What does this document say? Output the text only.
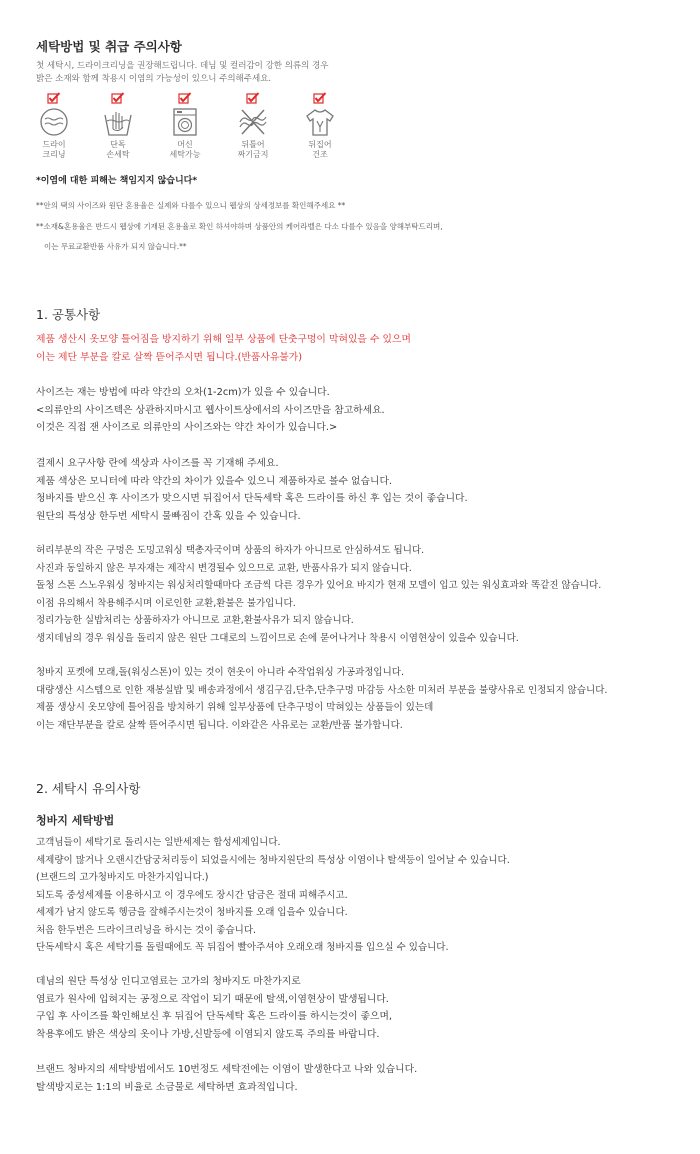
세탁방법 및 취급 주의사항
첫 세탁시, 드라이크리닝을 권장해드립니다. 데님 및 컬러감이 강한 의류의 경우
밝은 소재와 함께 착용시 이염의 가능성이 있으니 주의해주세요.
드라이
크리닝
단독
손세탁
머신
세탁가능
뒤틀어
짜기금지
뒤집어
건조
*이염에 대한 피해는 책임지지 않습니다*
**안의 택의 사이즈와 원단 혼용율은 실제와 다를수 있으니 웹상의 상세정보를 확인해주세요 **
**소재&혼용율은 반드시 웹상에 기재된 혼용율로 확인 하셔야하며 상품안의 케어라벨은 다소 다를수 있음을 양해부탁드리며,
이는 무료교환반품 사유가 되지 않습니다.**
1. 공통사항
제품 생산시 옷모양 틀어짐을 방지하기 위해 일부 상품에 단춧구멍이 막혀있을 수 있으며
이는 제단 부분을 칼로 살짝 뜯어주시면 됩니다.(반품사유불가)
사이즈는 재는 방법에 따라 약간의 오차(1-2cm)가 있을 수 있습니다.
<의류안의 사이즈텍은 상관하지마시고 웹사이트상에서의 사이즈만을 참고하세요.
이것은 직접 잰 사이즈로 의류안의 사이즈와는 약간 차이가 있습니다.>
결제시 요구사항 란에 색상과 사이즈를 꼭 기재해 주세요.
제품 색상은 모니터에 따라 약간의 차이가 있을수 있으니 제품하자로 볼수 없습니다.
청바지를 받으신 후 사이즈가 맞으시면 뒤집어서 단독세탁 혹은 드라이를 하신 후 입는 것이 좋습니다.
원단의 특성상 한두번 세탁시 물빠짐이 간혹 있을 수 있습니다.
허리부분의 작은 구멍은 도밍고워싱 택총자국이며 상품의 하자가 아니므로 안심하셔도 됩니다.
사진과 동일하지 않은 부자재는 제작시 변경될수 있으므로 교환, 반품사유가 되지 않습니다.
돌청 스톤 스노우워싱 청바지는 워싱처리할때마다 조금씩 다른 경우가 있어요 바지가 현재 모델이 입고 있는 워싱효과와 똑같진 않습니다.
이점 유의해서 착용해주시며 이로인한 교환,환불은 불가입니다.
정리가능한 실밥처리는 상품하자가 아니므로 교환,환불사유가 되지 않습니다.
생지데님의 경우 워싱을 돌리지 않은 원단 그대로의 느낌이므로 손에 묻어나거나 착용시 이염현상이 있을수 있습니다.
청바지 포켓에 모래,돌(워싱스톤)이 있는 것이 현옷이 아니라 수작업워싱 가공과정입니다.
대량생산 시스템으로 인한 재봉실밥 및 배송과정에서 생김구김,단추,단추구멍 마감등 사소한 미처러 부분을 불량사유로 인정되지 않습니다.
제품 생상시 옷모양에 틀어짐을 방치하기 위해 일부상품에 단추구멍이 막혀있는 상품들이 있는데
이는 재단부분을 칼로 살짝 뜯어주시면 됩니다. 이와같은 사유로는 교환/반품 불가합니다.
2. 세탁시 유의사항
청바지 세탁방법
고객님들이 세탁기로 돌리시는 일반세제는 합성세제입니다.
세제량이 많거나 오랜시간담궁처리등이 되었을시에는 청바지원단의 특성상 이염이나 탈색등이 일어날 수 있습니다.
(브랜드의 고가청바지도 마찬가지입니다.)
되도록 중성세제를 이용하시고 이 경우에도 장시간 담금은 절대 피해주시고.
세제가 남지 않도록 헹금을 잘해주시는것이 청바지를 오래 입을수 있습니다.
처음 한두번은 드라이크리닝을 하시는 것이 좋습니다.
단독세탁시 혹은 세탁기를 돌릴때에도 꼭 뒤집어 빨아주셔야 오래오래 청바지를 입으실 수 있습니다.
데님의 원단 특성상 인디고염료는 고가의 청바지도 마찬가지로
염료가 원사에 입혀지는 공정으로 작업이 되기 때문에 탈색,이염현상이 발생됩니다.
구입 후 사이즈를 확인해보신 후 뒤집어 단독세탁 혹은 드라이를 하시는것이 좋으며,
착용후에도 밝은 색상의 옷이나 가방,신발등에 이염되지 않도록 주의를 바랍니다.
브랜드 청바지의 세탁방법에서도 10번정도 세탁전에는 이염이 발생한다고 나와 있습니다.
탈색방지로는 1:1의 비율로 소금물로 세탁하면 효과적입니다.
